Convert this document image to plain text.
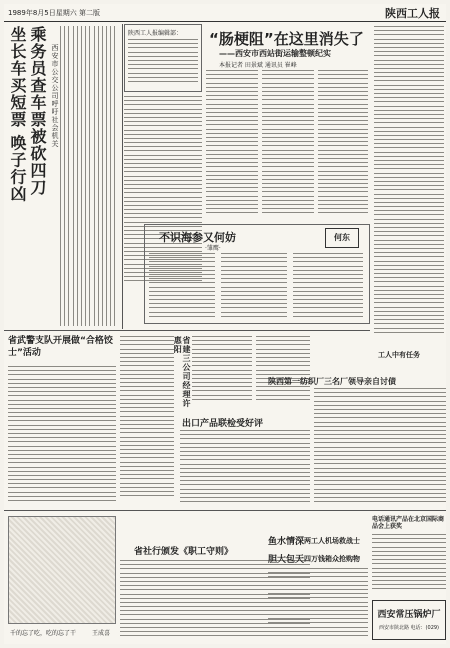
1989年8月5日星期六 第二版	陕西工人报
坐长车买短票 唤子行凶 乘务员查车票被砍四刀 西安市公交公司呼吁社会机关
陕西工人报编辑部： “肠梗阻”在这里消失了
——西安市西站街运输整顿纪实
本报记者 田景斌 通讯员 崔峰
不识海参又何妨
·雏鹰·
何东
省武警支队开展做“合格饺士”活动	省建三公司经理许惠阳
出口产品联检受好评
陕西第一纺织厂三名厂领导亲自讨债
工人中有任务
千的忘了吃，吃的忘了干	王成喜
省社行颁发《职工守则》
鱼水情深 两工人机场救战士
胆大包天 四万钱箱众抢购物
电话通讯产品在北京国际商品会上获奖
西安常压锅炉厂
西安市陕北路 电话：(029)
